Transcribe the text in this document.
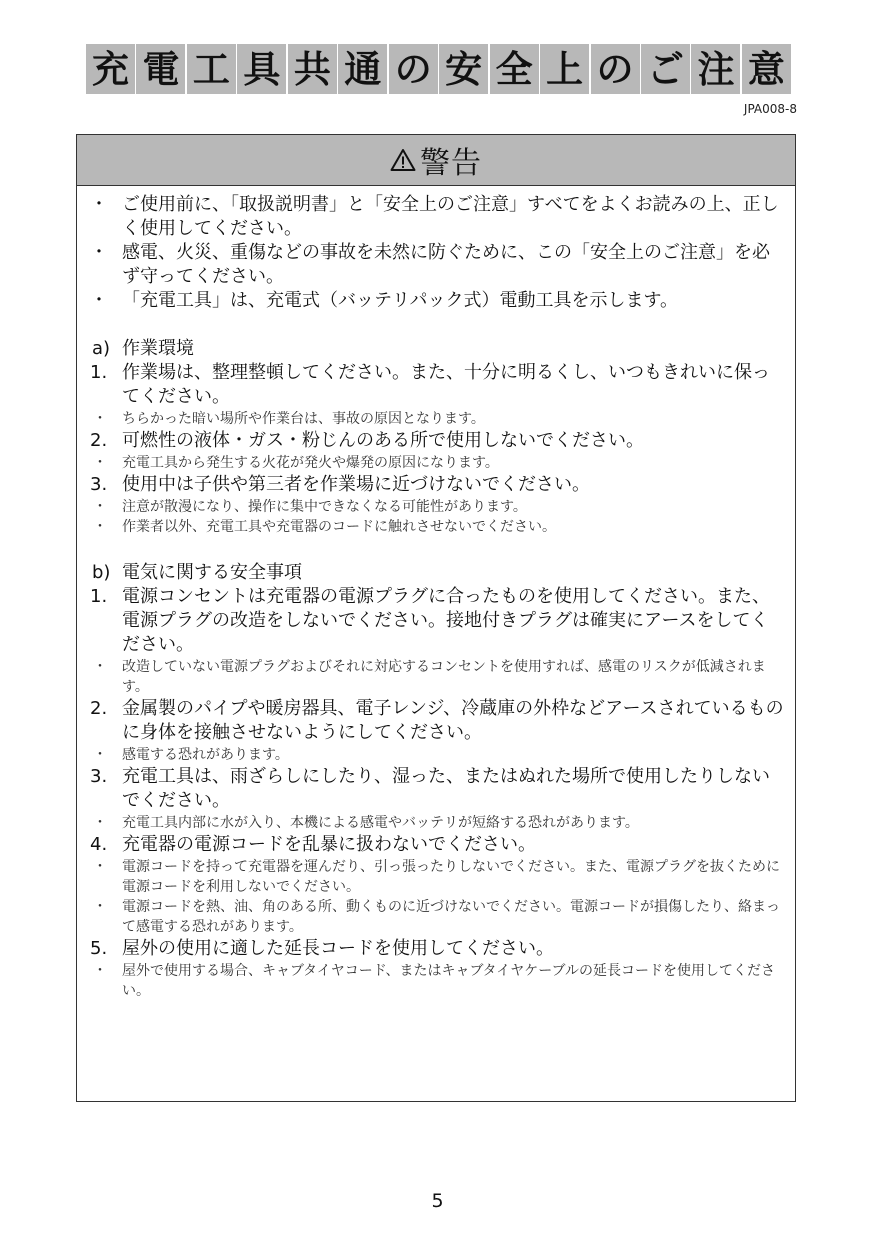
充 電 工 具 共 通 の 安 全 上 の ご 注 意
JPA008-8
警告
・ ご使用前に、「取扱説明書」と「安全上のご注意」すべてをよくお読みの上、正しく使用してください。
・ 感電、火災、重傷などの事故を未然に防ぐために、この「安全上のご注意」を必ず守ってください。
・ 「充電工具」は、充電式（バッテリパック式）電動工具を示します。
a) 作業環境
1. 作業場は、整理整頓してください。また、十分に明るくし、いつもきれいに保ってください。
・ ちらかった暗い場所や作業台は、事故の原因となります。
2. 可燃性の液体・ガス・粉じんのある所で使用しないでください。
・ 充電工具から発生する火花が発火や爆発の原因になります。
3. 使用中は子供や第三者を作業場に近づけないでください。
・ 注意が散漫になり、操作に集中できなくなる可能性があります。
・ 作業者以外、充電工具や充電器のコードに触れさせないでください。
b) 電気に関する安全事項
1. 電源コンセントは充電器の電源プラグに合ったものを使用してください。また、電源プラグの改造をしないでください。接地付きプラグは確実にアースをしてください。
・ 改造していない電源プラグおよびそれに対応するコンセントを使用すれば、感電のリスクが低減されます。
2. 金属製のパイプや暖房器具、電子レンジ、冷蔵庫の外枠などアースされているものに身体を接触させないようにしてください。
・ 感電する恐れがあります。
3. 充電工具は、雨ざらしにしたり、湿った、またはぬれた場所で使用したりしないでください。
・ 充電工具内部に水が入り、本機による感電やバッテリが短絡する恐れがあります。
4. 充電器の電源コードを乱暴に扱わないでください。
・ 電源コードを持って充電器を運んだり、引っ張ったりしないでください。また、電源プラグを抜くために電源コードを利用しないでください。
・ 電源コードを熱、油、角のある所、動くものに近づけないでください。電源コードが損傷したり、絡まって感電する恐れがあります。
5. 屋外の使用に適した延長コードを使用してください。
・ 屋外で使用する場合、キャブタイヤコード、またはキャブタイヤケーブルの延長コードを使用してください。
5
